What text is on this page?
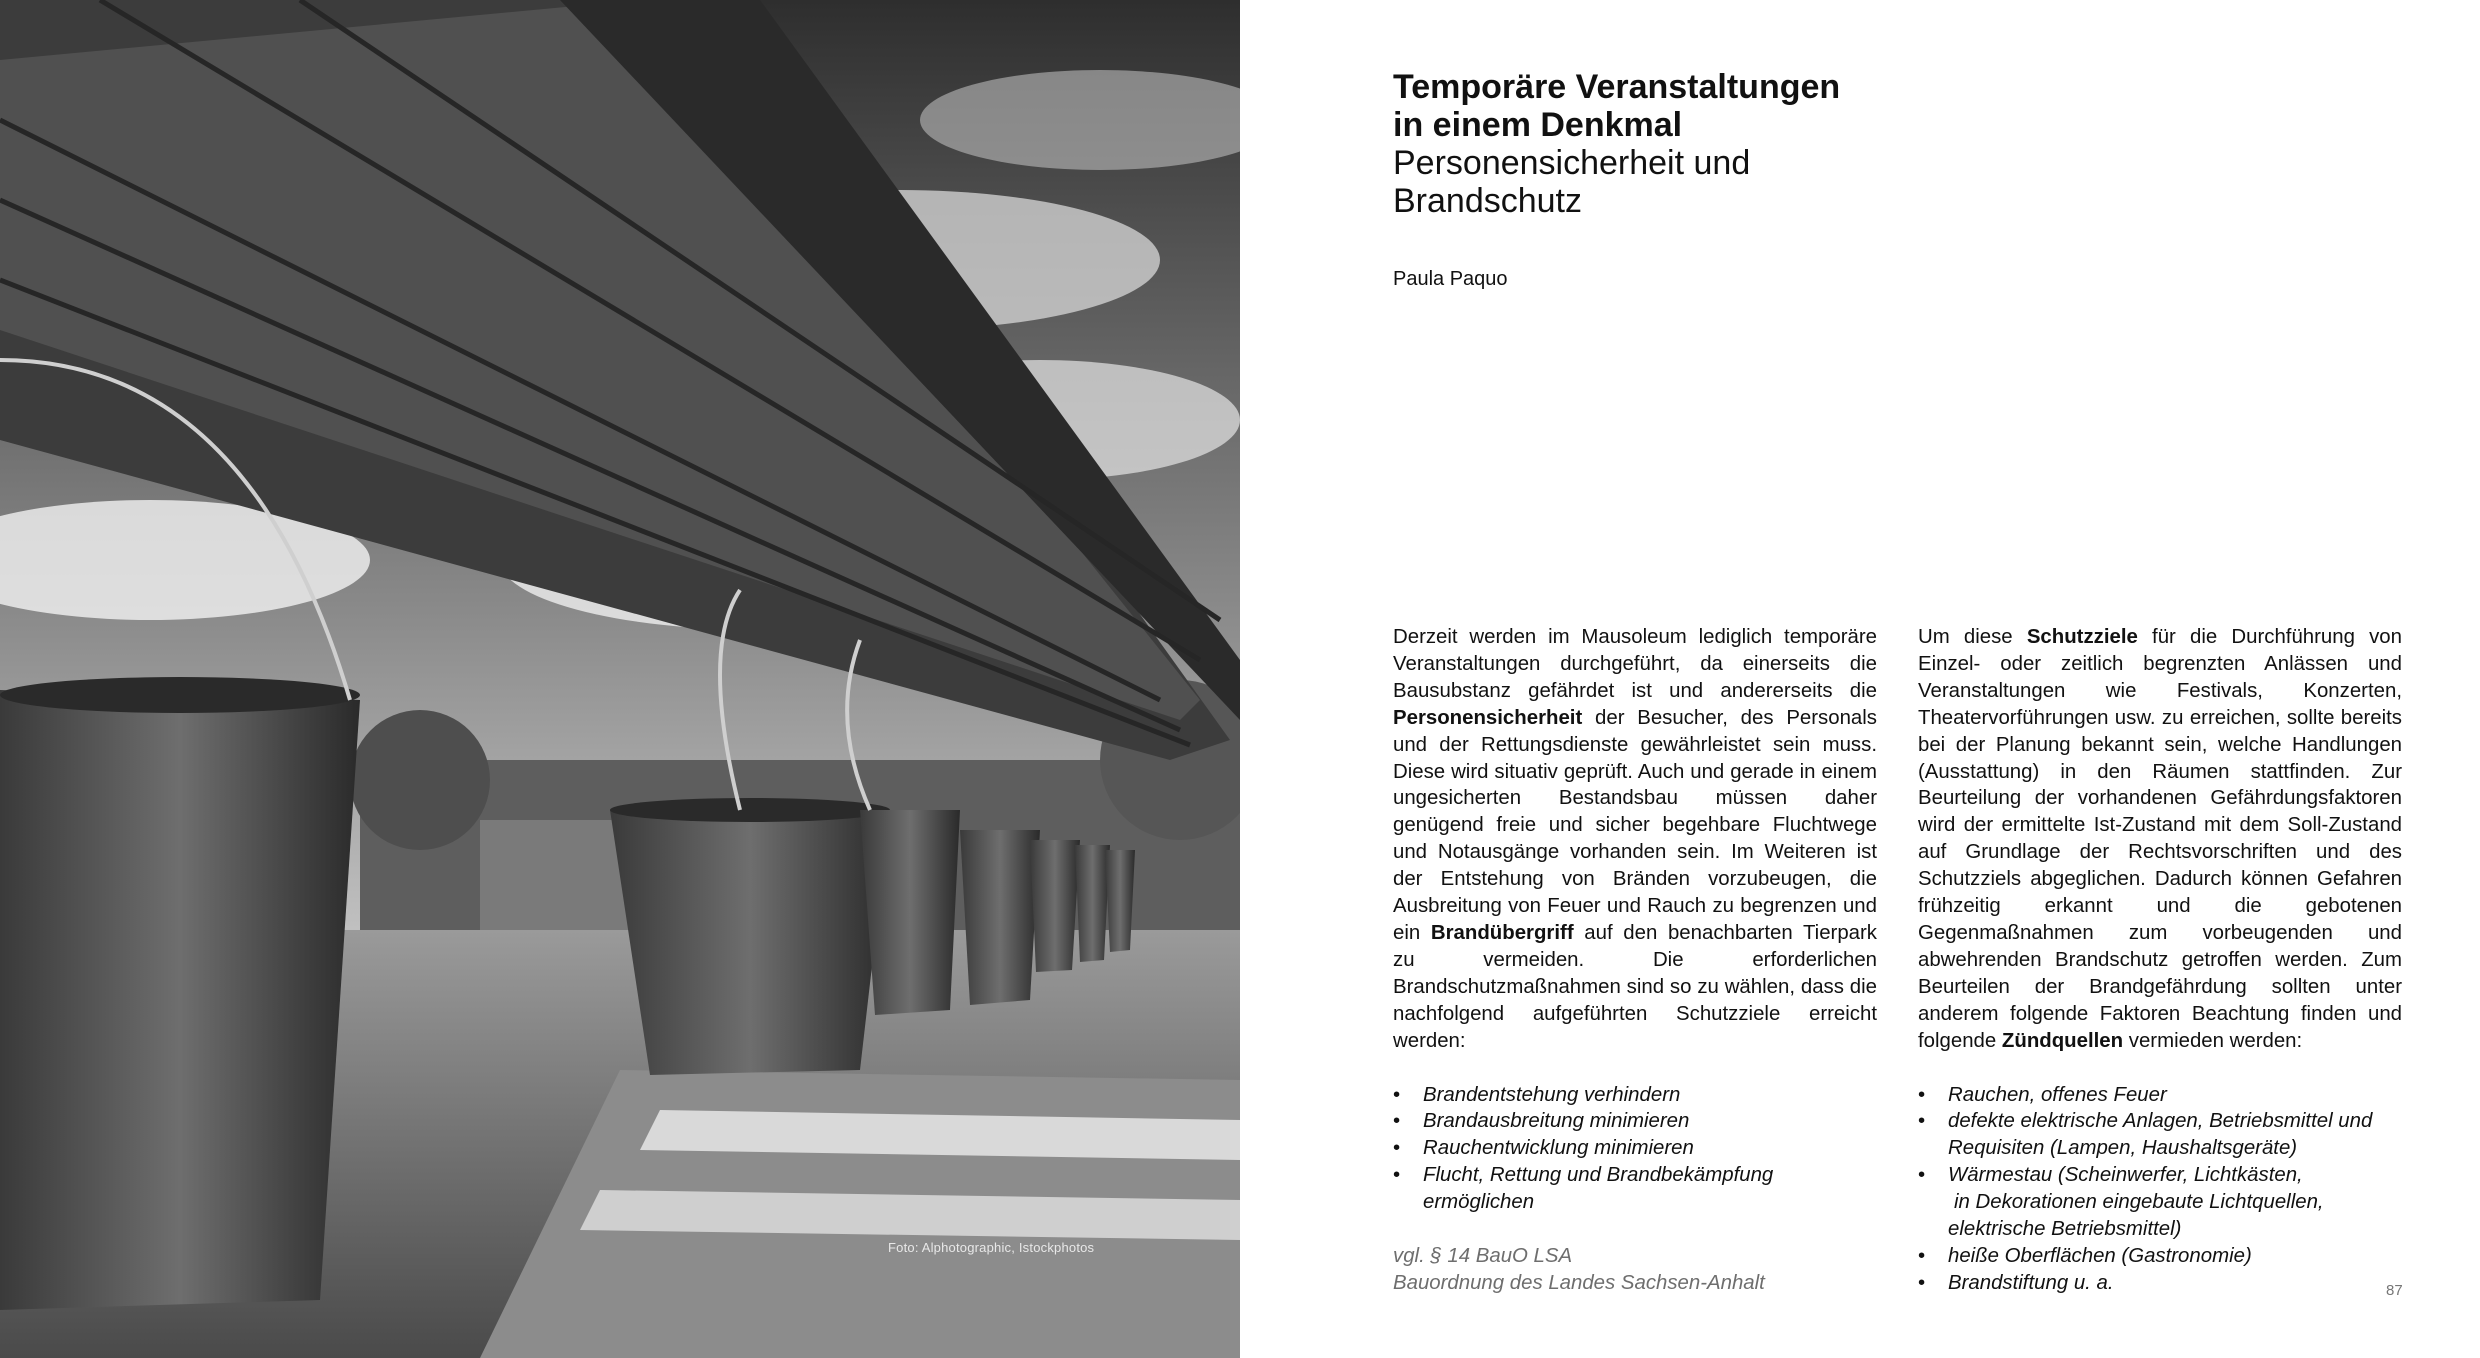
Foto: Alphotographic, Istockphotos
Temporäre Veranstaltungen
in einem Denkmal
Personensicherheit und
Brandschutz
Paula Paquo

Derzeit werden im Mausoleum lediglich temporäre Veranstaltungen durchgeführt, da einerseits die Bausubstanz gefährdet ist und andererseits die Personensicherheit der Besucher, des Personals und der Rettungsdienste gewährleistet sein muss. Diese wird situativ geprüft. Auch und gerade in einem ungesicherten Bestandsbau müssen daher genügend freie und sicher begehbare Fluchtwege und Notausgänge vorhanden sein. Im Weiteren ist der Entstehung von Bränden vorzubeugen, die Ausbreitung von Feuer und Rauch zu begrenzen und ein Brandübergriff auf den benachbarten Tierpark zu vermeiden. Die erforderlichen Brandschutzmaßnahmen sind so zu wählen, dass die nachfolgend aufgeführten Schutzziele erreicht werden:

• Brandentstehung verhindern
• Brandausbreitung minimieren
• Rauchentwicklung minimieren
• Flucht, Rettung und Brandbekämpfung ermöglichen
vgl. § 14 BauO LSA
Bauordnung des Landes Sachsen-Anhalt

Um diese Schutzziele für die Durchführung von Einzel- oder zeitlich begrenzten Anlässen und Veranstaltungen wie Festivals, Konzerten, Theatervorführungen usw. zu erreichen, sollte bereits bei der Planung bekannt sein, welche Handlungen (Ausstattung) in den Räumen stattfinden. Zur Beurteilung der vorhandenen Gefährdungsfaktoren wird der ermittelte Ist-Zustand mit dem Soll-Zustand auf Grundlage der Rechtsvorschriften und des Schutzziels abgeglichen. Dadurch können Gefahren frühzeitig erkannt und die gebotenen Gegenmaßnahmen zum vorbeugenden und abwehrenden Brandschutz getroffen werden. Zum Beurteilen der Brandgefährdung sollten unter anderem folgende Faktoren Beachtung finden und folgende Zündquellen vermieden werden:

• Rauchen, offenes Feuer
• defekte elektrische Anlagen, Betriebsmittel und Requisiten (Lampen, Haushaltsgeräte)
• Wärmestau (Scheinwerfer, Lichtkästen,

in Dekorationen eingebaute Lichtquellen,
elektrische Betriebsmittel)
• heiße Oberflächen (Gastronomie)
• Brandstiftung u. a.	87
